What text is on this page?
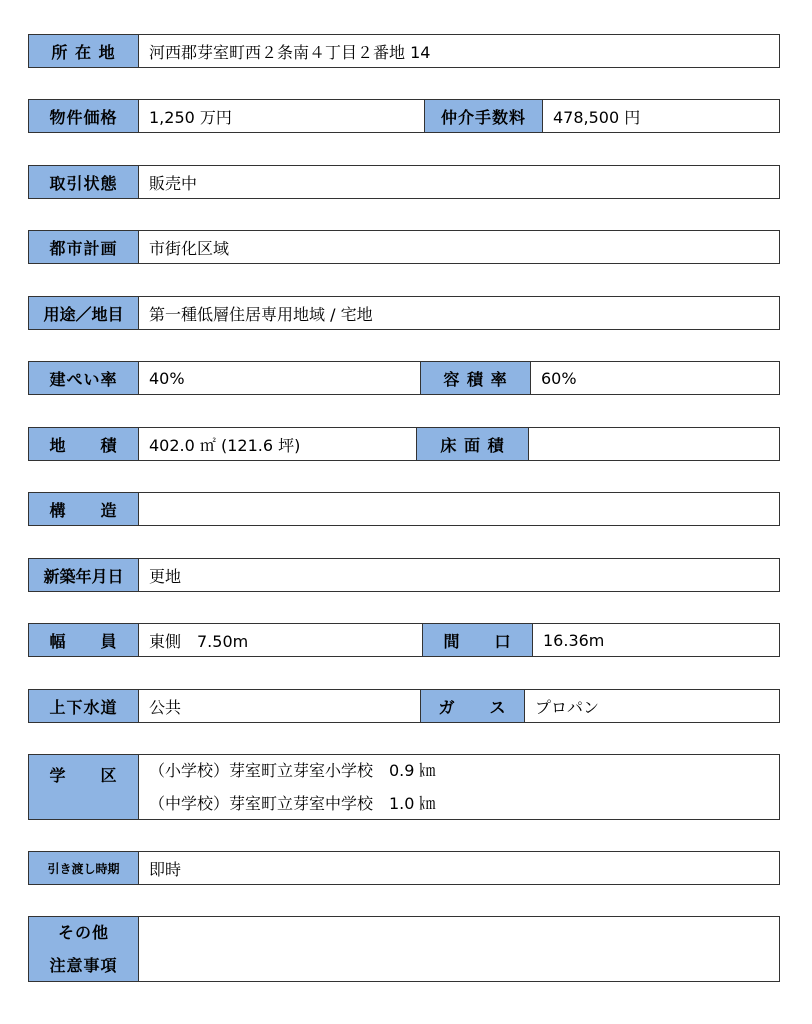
所 在 地	河西郡芽室町西２条南４丁目２番地 14
物件価格	1,250 万円	仲介手数料	478,500 円
取引状態	販売中
都市計画	市街化区域
用途／地目	第一種低層住居専用地域 / 宅地
建ぺい率	40%	容 積 率	60%
地　　積	402.0 ㎡ (121.6 坪)	床 面 積
構　　造
新築年月日	更地
幅　　員	東側　7.50m	間　　口	16.36m
上下水道	公共	ガ　　ス	プロパン
学　　区	（小学校）芽室町立芽室小学校　0.9 ㎞
（中学校）芽室町立芽室中学校　1.0 ㎞
引き渡し時期	即時
その他
注意事項
